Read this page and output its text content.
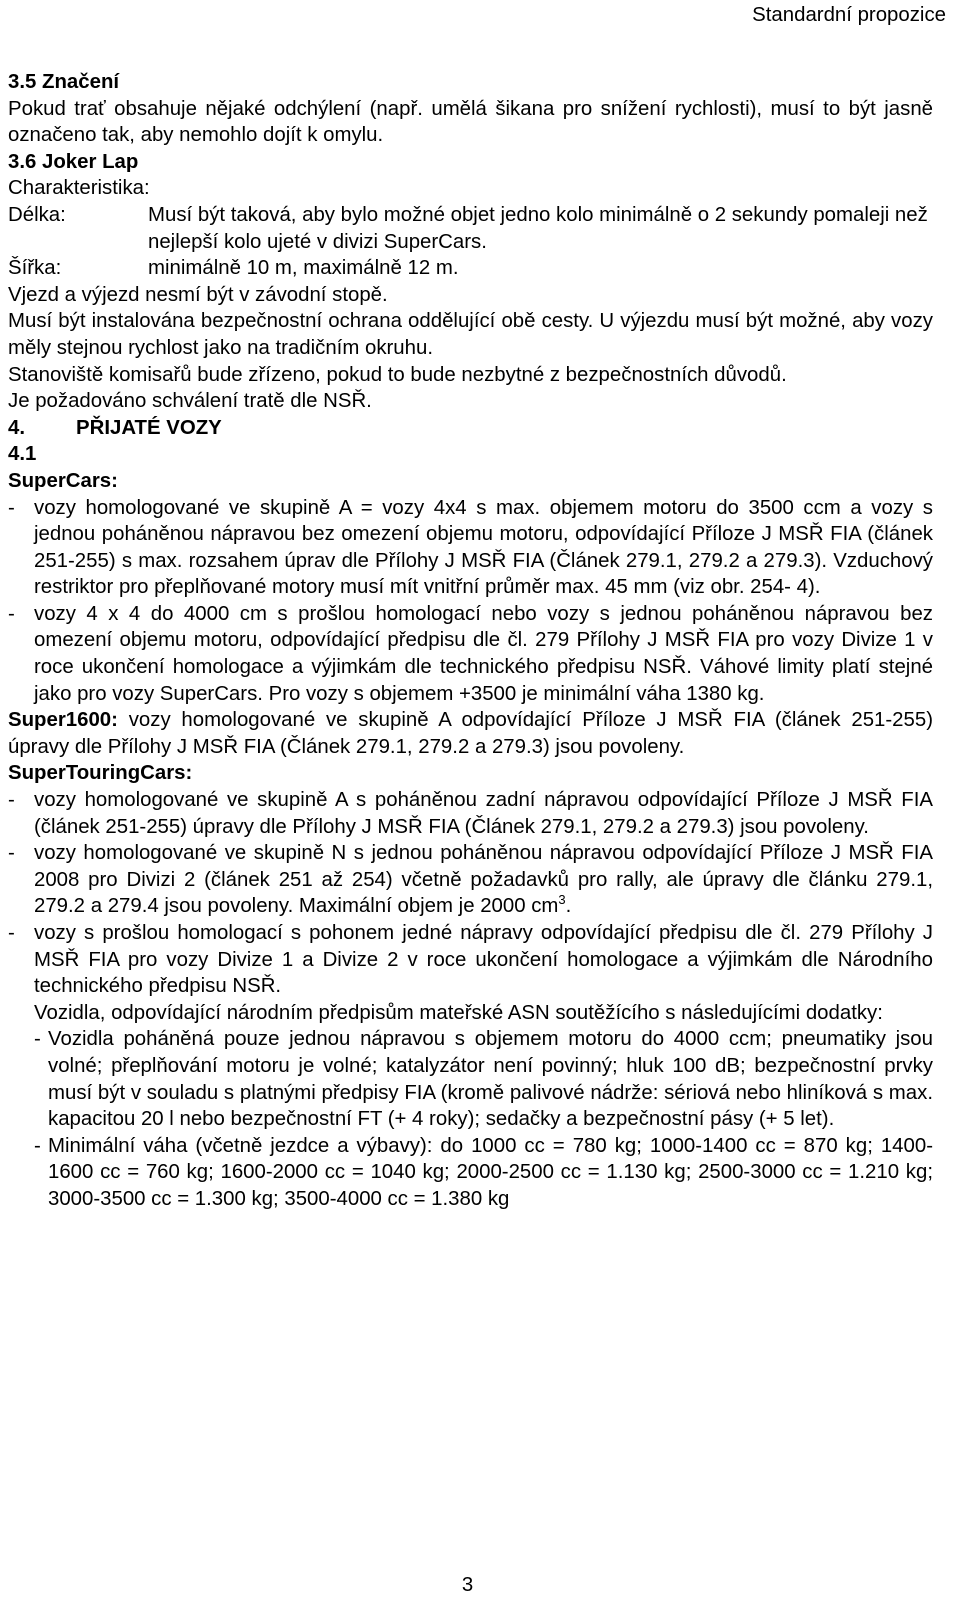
Standardní propozice

3.5 Značení

Pokud trať obsahuje nějaké odchýlení (např. umělá šikana pro snížení rychlosti), musí to být jasně označeno tak, aby nemohlo dojít k omylu.

3.6 Joker Lap

Charakteristika:

Délka:	Musí být taková, aby bylo možné objet jedno kolo minimálně o 2 sekundy pomaleji než nejlepší kolo ujeté v divizi SuperCars.
Šířka:	minimálně 10 m, maximálně 12 m.

Vjezd a výjezd nesmí být v závodní stopě.

Musí být instalována bezpečnostní ochrana oddělující obě cesty. U výjezdu musí být možné, aby vozy měly stejnou rychlost jako na tradičním okruhu.

Stanoviště komisařů bude zřízeno, pokud to bude nezbytné z bezpečnostních důvodů.

Je požadováno schválení tratě dle NSŘ.

4.	PŘIJATÉ VOZY

4.1

SuperCars:

- vozy homologované ve skupině A = vozy 4x4 s max. objemem motoru do 3500 ccm a vozy s jednou poháněnou nápravou bez omezení objemu motoru, odpovídající Příloze J MSŘ FIA (článek 251-255) s max. rozsahem úprav dle Přílohy J MSŘ FIA (Článek 279.1, 279.2 a 279.3). Vzduchový restriktor pro přeplňované motory musí mít vnitřní průměr max. 45 mm (viz obr. 254- 4).
- vozy 4 x 4 do 4000 cm s prošlou homologací nebo vozy s jednou poháněnou nápravou bez omezení objemu motoru, odpovídající předpisu dle čl. 279 Přílohy J MSŘ FIA pro vozy Divize 1 v roce ukončení homologace a výjimkám dle technického předpisu NSŘ. Váhové limity platí stejné jako pro vozy SuperCars. Pro vozy s objemem +3500 je minimální váha 1380 kg.

Super1600: vozy homologované ve skupině A odpovídající Příloze J MSŘ FIA (článek 251-255) úpravy dle Přílohy J MSŘ FIA (Článek 279.1, 279.2 a 279.3) jsou povoleny.

SuperTouringCars:

- vozy homologované ve skupině A s poháněnou zadní nápravou odpovídající Příloze J MSŘ FIA (článek 251-255) úpravy dle Přílohy J MSŘ FIA (Článek 279.1, 279.2 a 279.3) jsou povoleny.
- vozy homologované ve skupině N s jednou poháněnou nápravou odpovídající Příloze J MSŘ FIA 2008 pro Divizi 2 (článek 251 až 254) včetně požadavků pro rally, ale úpravy dle článku 279.1, 279.2 a 279.4 jsou povoleny. Maximální objem je 2000 $cm^3$.
- vozy s prošlou homologací s pohonem jedné nápravy odpovídající předpisu dle čl. 279 Přílohy J MSŘ FIA pro vozy Divize 1 a Divize 2 v roce ukončení homologace a výjimkám dle Národního technického předpisu NSŘ.

Vozidla, odpovídající národním předpisům mateřské ASN soutěžícího s následujícími dodatky:

- Vozidla poháněná pouze jednou nápravou s objemem motoru do 4000 ccm; pneumatiky jsou volné; přeplňování motoru je volné; katalyzátor není povinný; hluk 100 dB; bezpečnostní prvky musí být v souladu s platnými předpisy FIA (kromě palivové nádrže: sériová nebo hliníková s max. kapacitou 20 l nebo bezpečnostní FT (+ 4 roky); sedačky a bezpečnostní pásy (+ 5 let).
- Minimální váha (včetně jezdce a výbavy): do 1000 cc = 780 kg; 1000-1400 cc = 870 kg; 1400-1600 cc = 760 kg; 1600-2000 cc = 1040 kg; 2000-2500 cc = 1.130 kg; 2500-3000 cc = 1.210 kg; 3000-3500 cc = 1.300 kg; 3500-4000 cc = 1.380 kg
3
